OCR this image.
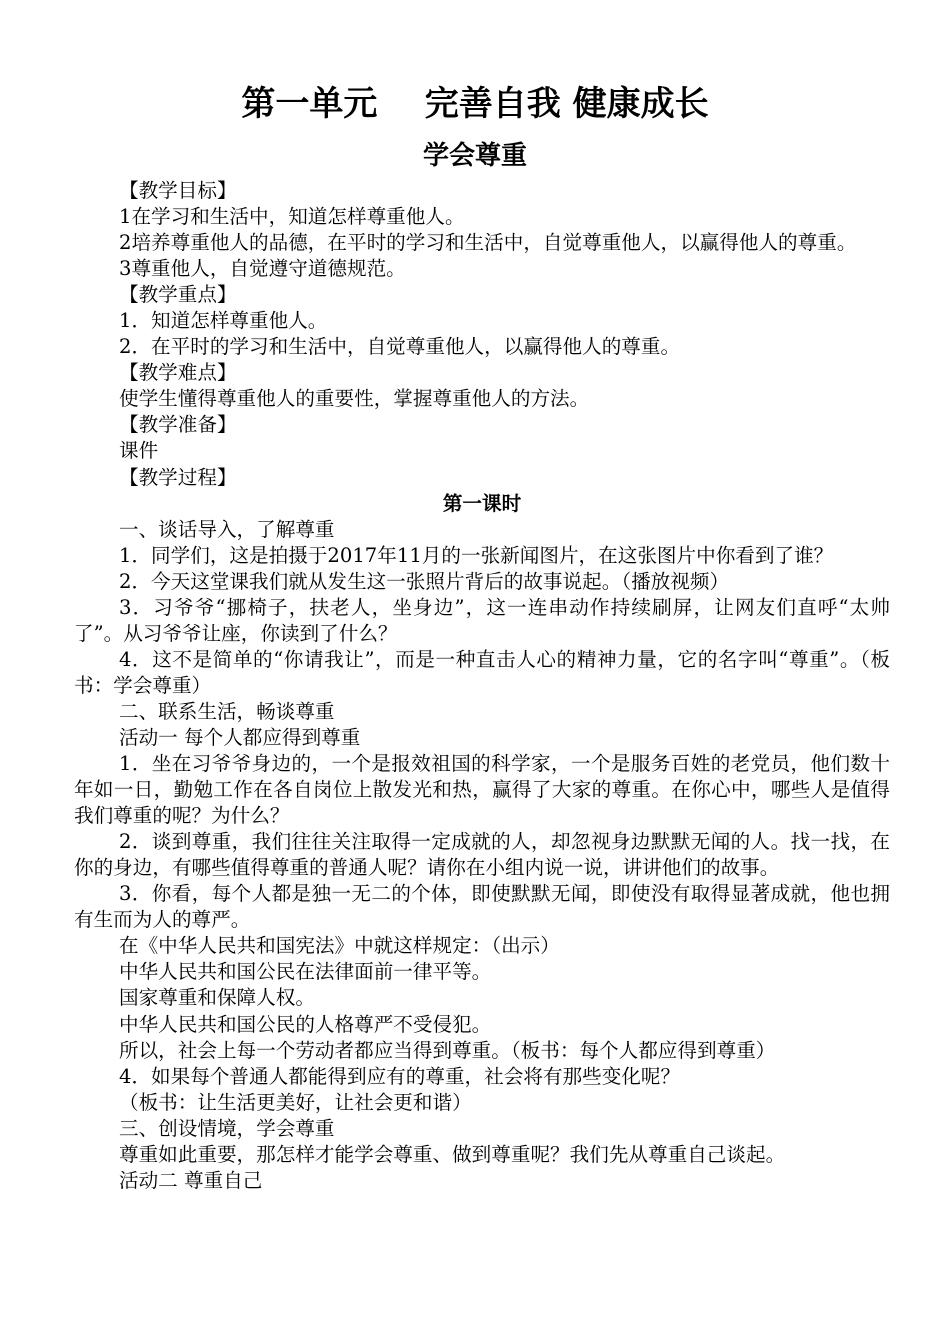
第一单元    完善自我 健康成长
学会尊重

【教学目标】

1在学习和生活中，知道怎样尊重他人。

2培养尊重他人的品德，在平时的学习和生活中，自觉尊重他人，以赢得他人的尊重。

3尊重他人，自觉遵守道德规范。

【教学重点】

1．知道怎样尊重他人。

2．在平时的学习和生活中，自觉尊重他人，以赢得他人的尊重。

【教学难点】

使学生懂得尊重他人的重要性，掌握尊重他人的方法。

【教学准备】

课件

【教学过程】

第一课时

一、谈话导入，了解尊重

1．同学们，这是拍摄于2017年11月的一张新闻图片，在这张图片中你看到了谁？

2．今天这堂课我们就从发生这一张照片背后的故事说起。（播放视频）

3．习爷爷“挪椅子，扶老人，坐身边”，这一连串动作持续刷屏，让网友们直呼“太帅了”。从习爷爷让座，你读到了什么？

4．这不是简单的“你请我让”，而是一种直击人心的精神力量，它的名字叫“尊重”。（板书：学会尊重）

二、联系生活，畅谈尊重

活动一 每个人都应得到尊重

1．坐在习爷爷身边的，一个是报效祖国的科学家，一个是服务百姓的老党员，他们数十年如一日，勤勉工作在各自岗位上散发光和热，赢得了大家的尊重。在你心中，哪些人是值得我们尊重的呢？为什么？

2．谈到尊重，我们往往关注取得一定成就的人，却忽视身边默默无闻的人。找一找，在你的身边，有哪些值得尊重的普通人呢？请你在小组内说一说，讲讲他们的故事。

3．你看，每个人都是独一无二的个体，即使默默无闻，即使没有取得显著成就，他也拥有生而为人的尊严。

在《中华人民共和国宪法》中就这样规定：（出示）

中华人民共和国公民在法律面前一律平等。

国家尊重和保障人权。

中华人民共和国公民的人格尊严不受侵犯。

所以，社会上每一个劳动者都应当得到尊重。（板书：每个人都应得到尊重）

4．如果每个普通人都能得到应有的尊重，社会将有那些变化呢？

（板书：让生活更美好，让社会更和谐）

三、创设情境，学会尊重

尊重如此重要，那怎样才能学会尊重、做到尊重呢？我们先从尊重自己谈起。

活动二 尊重自己
